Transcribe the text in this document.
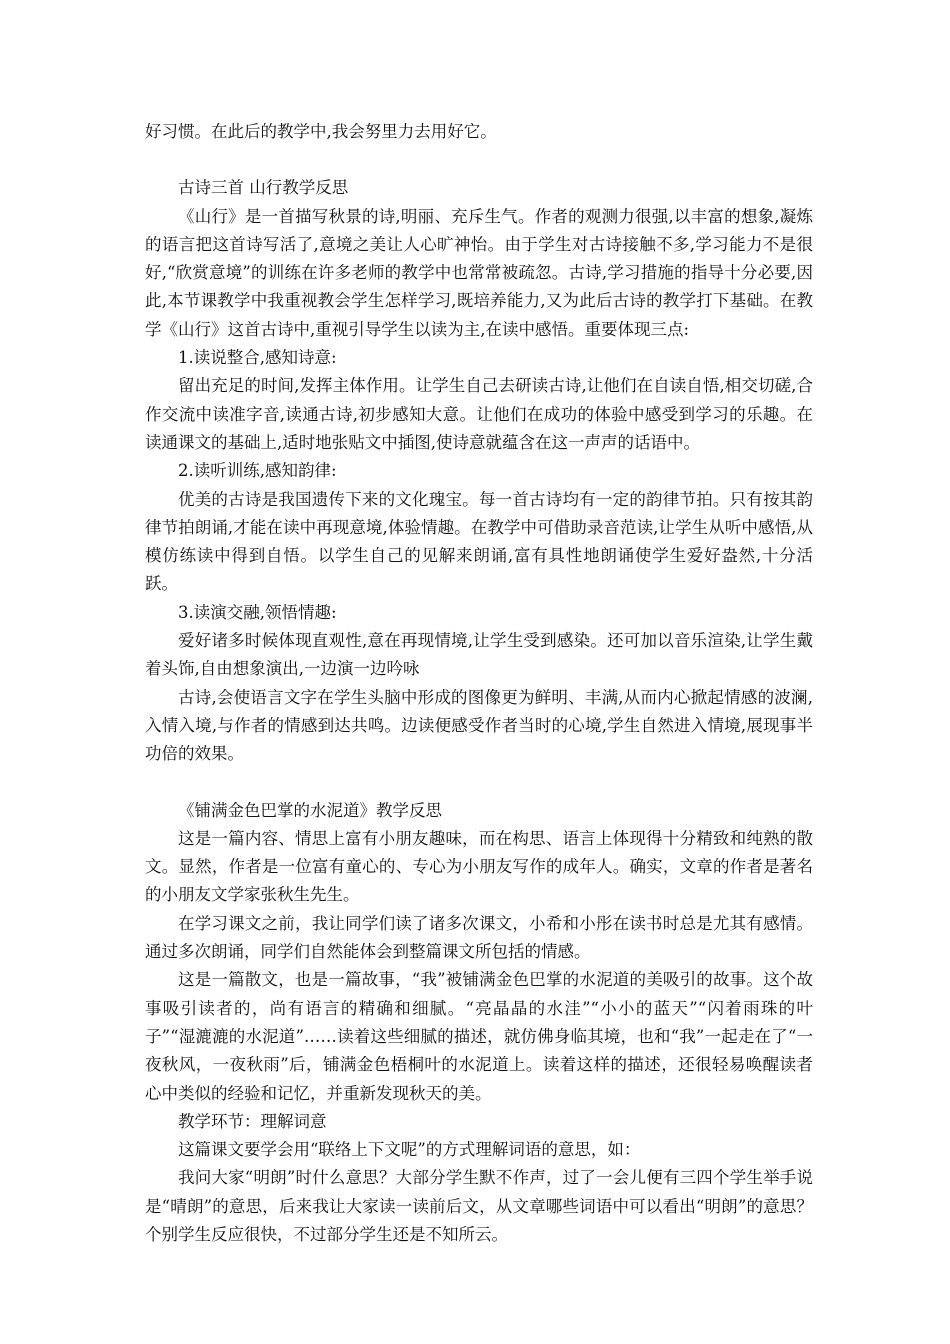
好习惯。在此后的教学中,我会努里力去用好它。

古诗三首 山行教学反思

《山行》是一首描写秋景的诗,明丽、充斥生气。作者的观测力很强,以丰富的想象,凝炼的语言把这首诗写活了,意境之美让人心旷神怡。由于学生对古诗接触不多,学习能力不是很好,“欣赏意境”的训练在许多老师的教学中也常常被疏忽。古诗,学习措施的指导十分必要,因此,本节课教学中我重视教会学生怎样学习,既培养能力,又为此后古诗的教学打下基础。在教学《山行》这首古诗中,重视引导学生以读为主,在读中感悟。重要体现三点:

1.读说整合,感知诗意:

留出充足的时间,发挥主体作用。让学生自己去研读古诗,让他们在自读自悟,相交切磋,合作交流中读准字音,读通古诗,初步感知大意。让他们在成功的体验中感受到学习的乐趣。在读通课文的基础上,适时地张贴文中插图,使诗意就蕴含在这一声声的话语中。

2.读听训练,感知韵律:

优美的古诗是我国遗传下来的文化瑰宝。每一首古诗均有一定的韵律节拍。只有按其韵律节拍朗诵,才能在读中再现意境,体验情趣。在教学中可借助录音范读,让学生从听中感悟,从模仿练读中得到自悟。以学生自己的见解来朗诵,富有具性地朗诵使学生爱好盎然,十分活跃。

3.读演交融,领悟情趣:

爱好诸多时候体现直观性,意在再现情境,让学生受到感染。还可加以音乐渲染,让学生戴着头饰,自由想象演出,一边演一边吟咏

古诗,会使语言文字在学生头脑中形成的图像更为鲜明、丰满,从而内心掀起情感的波澜,入情入境,与作者的情感到达共鸣。边读便感受作者当时的心境,学生自然进入情境,展现事半功倍的效果。

《铺满金色巴掌的水泥道》教学反思

这是一篇内容、情思上富有小朋友趣味，而在构思、语言上体现得十分精致和纯熟的散文。显然，作者是一位富有童心的、专心为小朋友写作的成年人。确实，文章的作者是著名的小朋友文学家张秋生先生。

在学习课文之前，我让同学们读了诸多次课文，小希和小彤在读书时总是尤其有感情。通过多次朗诵，同学们自然能体会到整篇课文所包括的情感。

这是一篇散文，也是一篇故事，“我”被铺满金色巴掌的水泥道的美吸引的故事。这个故事吸引读者的，尚有语言的精确和细腻。“亮晶晶的水洼”“小小的蓝天”“闪着雨珠的叶子”“湿漉漉的水泥道”……读着这些细腻的描述，就仿佛身临其境，也和“我”一起走在了“一夜秋风，一夜秋雨”后，铺满金色梧桐叶的水泥道上。读着这样的描述，还很轻易唤醒读者心中类似的经验和记忆，并重新发现秋天的美。

教学环节：理解词意

这篇课文要学会用“联络上下文呢”的方式理解词语的意思，如：

我问大家“明朗”时什么意思？大部分学生默不作声，过了一会儿便有三四个学生举手说是“晴朗”的意思，后来我让大家读一读前后文，从文章哪些词语中可以看出“明朗”的意思？个别学生反应很快，不过部分学生还是不知所云。
